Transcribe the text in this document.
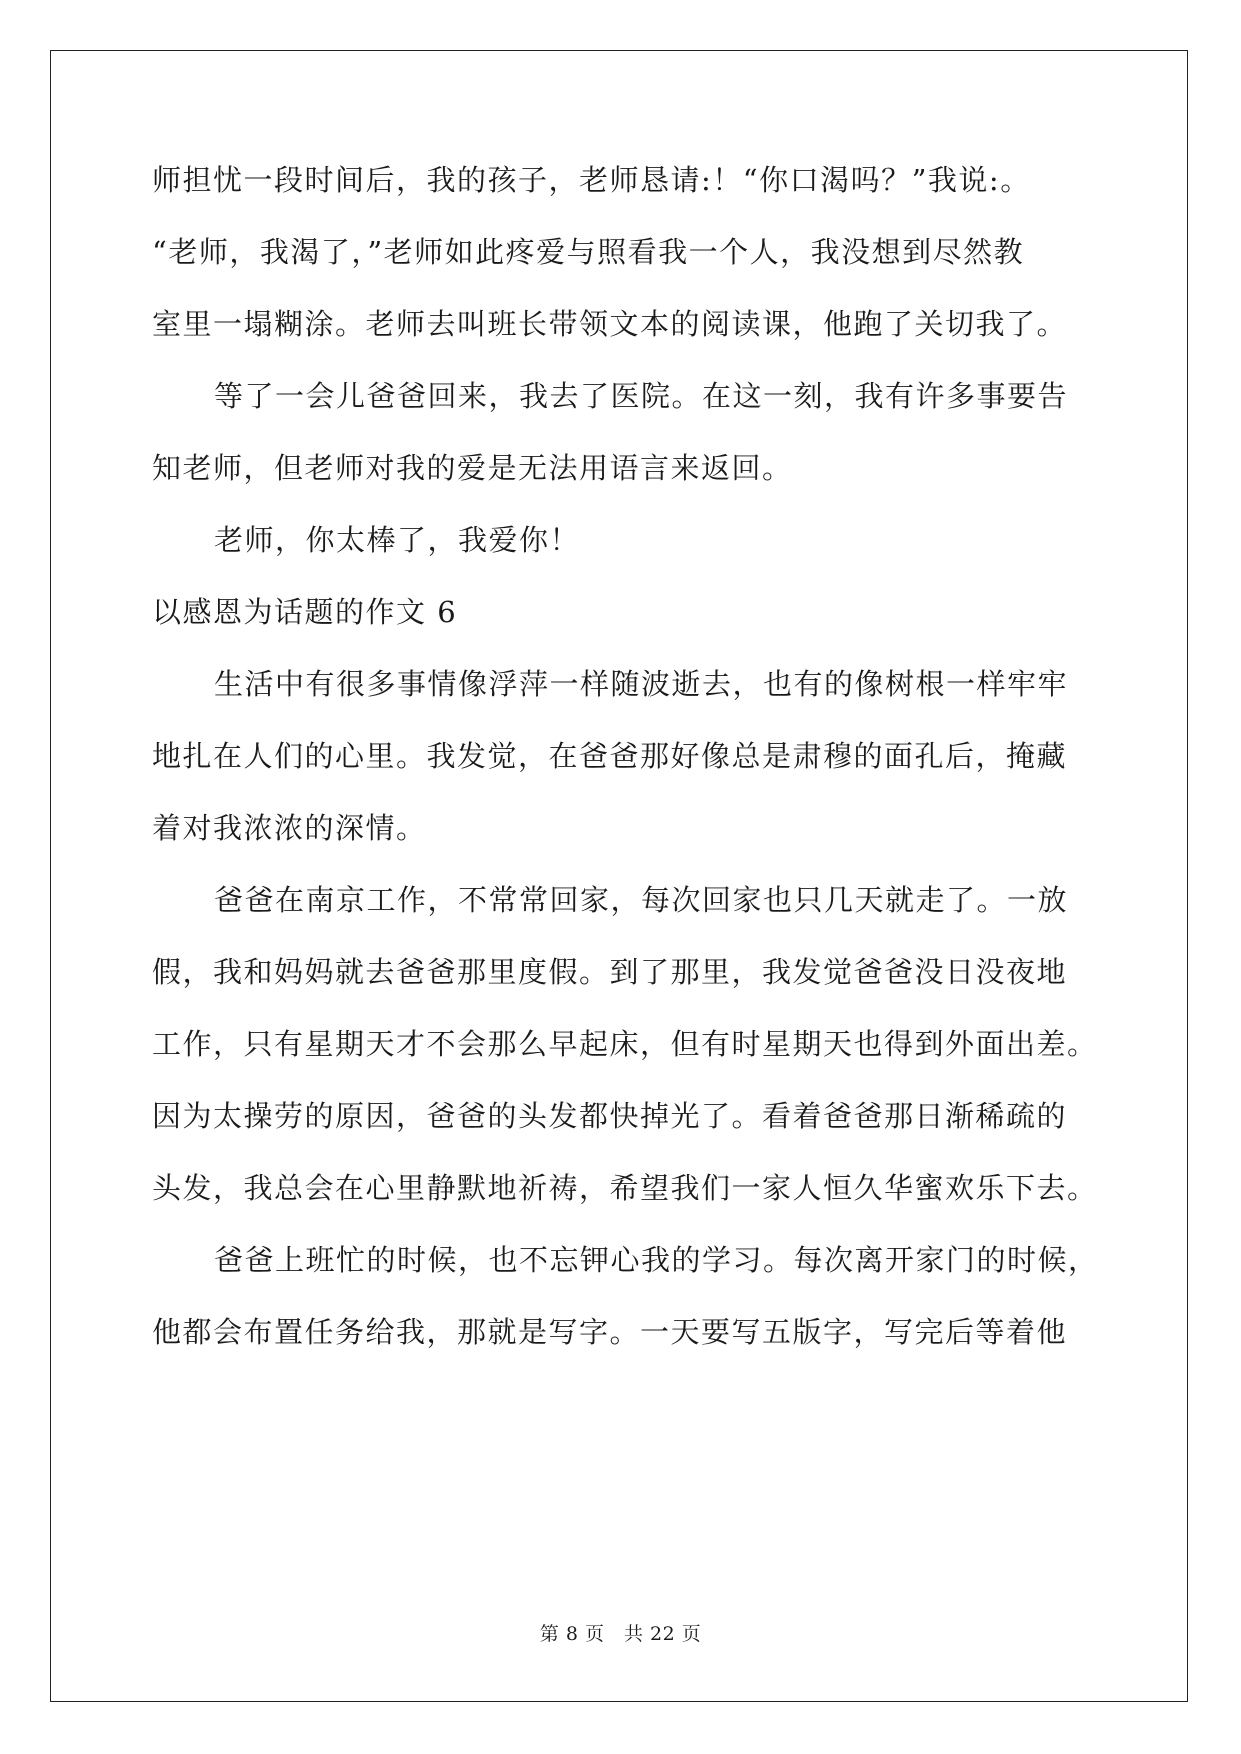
师担忧一段时间后，我的孩子，老师恳请:！“你口渴吗？”我说:。
“老师，我渴了，”老师如此疼爱与照看我一个人，我没想到尽然教
室里一塌糊涂。老师去叫班长带领文本的阅读课，他跑了关切我了。
等了一会儿爸爸回来，我去了医院。在这一刻，我有许多事要告
知老师，但老师对我的爱是无法用语言来返回。
老师，你太棒了，我爱你！
以感恩为话题的作文 6
生活中有很多事情像浮萍一样随波逝去，也有的像树根一样牢牢
地扎在人们的心里。我发觉，在爸爸那好像总是肃穆的面孔后，掩藏
着对我浓浓的深情。
爸爸在南京工作，不常常回家，每次回家也只几天就走了。一放
假，我和妈妈就去爸爸那里度假。到了那里，我发觉爸爸没日没夜地
工作，只有星期天才不会那么早起床，但有时星期天也得到外面出差。
因为太操劳的原因，爸爸的头发都快掉光了。看着爸爸那日渐稀疏的
头发，我总会在心里静默地祈祷，希望我们一家人恒久华蜜欢乐下去。
爸爸上班忙的时候，也不忘钾心我的学习。每次离开家门的时候，
他都会布置任务给我，那就是写字。一天要写五版字，写完后等着他
第 8 页　共 22 页
